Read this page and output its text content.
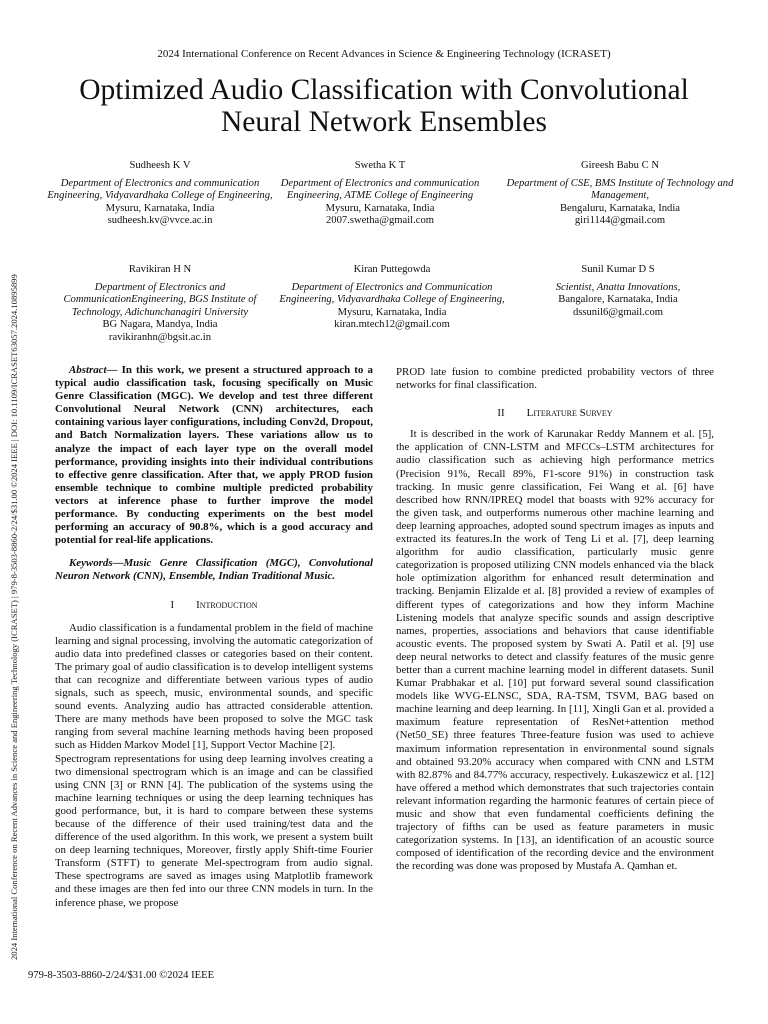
2024 International Conference on Recent Advances in Science & Engineering Technology (ICRASET)
Optimized Audio Classification with Convolutional
Neural Network Ensembles
2024 International Conference on Recent Advances in Science and Engineering Technology (ICRASET) | 979-8-3503-8860-2/24/$31.00 ©2024 IEEE | DOI: 10.1109/ICRASET63057.2024.10895899
Sudheesh K V
Department of Electronics and communication Engineering, Vidyavardhaka College of Engineering,
Mysuru, Karnataka, India
sudheesh.kv@vvce.ac.in
Swetha K T
Department of Electronics and communication Engineering, ATME College of Engineering
Mysuru, Karnataka, India
2007.swetha@gmail.com
Gireesh Babu C N
Department of CSE, BMS Institute of Technology and Management,
Bengaluru, Karnataka, India
giri1144@gmail.com
Ravikiran H N
Department of Electronics and CommunicationEngineering, BGS Institute of Technology, Adichunchanagiri University
BG Nagara, Mandya, India
ravikiranhn@bgsit.ac.in
Kiran Puttegowda
Department of Electronics and Communication Engineering, Vidyavardhaka College of Engineering,
Mysuru, Karnataka, India
kiran.mtech12@gmail.com
Sunil Kumar D S
Scientist, Anatta Innovations,
Bangalore, Karnataka, India
dssunil6@gmail.com

Abstract— In this work, we present a structured approach to a typical audio classification task, focusing specifically on Music Genre Classification (MGC). We develop and test three different Convolutional Neural Network (CNN) architectures, each containing various layer configurations, including Conv2d, Dropout, and Batch Normalization layers. These variations allow us to analyze the impact of each layer type on the overall model performance, providing insights into their individual contributions to effective genre classification. After that, we apply PROD fusion ensemble technique to combine multiple predicted probability vectors at inference phase to further improve the model performance. By conducting experiments on the best model performing an accuracy of 90.8%, which is a good accuracy and potential for real-life applications.

Keywords—Music Genre Classification (MGC), Convolutional Neuron Network (CNN), Ensemble, Indian Traditional Music.

I Introduction

Audio classification is a fundamental problem in the field of machine learning and signal processing, involving the automatic categorization of audio data into predefined classes or categories based on their content. The primary goal of audio classification is to develop intelligent systems that can recognize and differentiate between various types of audio signals, such as speech, music, environmental sounds, and specific sound events. Analyzing audio has attracted considerable attention. There are many methods have been proposed to solve the MGC task ranging from several machine learning methods having been proposed such as Hidden Markov Model [1], Support Vector Machine [2].

Spectrogram representations for using deep learning involves creating a two dimensional spectrogram which is an image and can be classified using CNN [3] or RNN [4]. The publication of the systems using the machine learning techniques or using the deep learning techniques has good performance, but, it is hard to compare between these systems because of the difference of their used training/test data and the difference of the used algorithm. In this work, we present a system built on deep learning techniques, Moreover, firstly apply Shift-time Fourier Transform (STFT) to generate Mel-spectrogram from audio signal. These spectrograms are saved as images using Matplotlib framework and these images are then fed into our three CNN models in turn. In the inference phase, we propose

PROD late fusion to combine predicted probability vectors of three networks for final classification.

II Literature Survey

It is described in the work of Karunakar Reddy Mannem et al. [5], the application of CNN-LSTM and MFCCs–LSTM architectures for audio classification such as achieving high performance metrics (Precision 91%, Recall 89%, F1-score 91%) in construction task tracking. In music genre classification, Fei Wang et al. [6] have described how RNN/IPREQ model that boasts with 92% accuracy for the given task, and outperforms numerous other machine learning and deep learning approaches, adopted sound spectrum images as inputs and extracted its features.In the work of Teng Li et al. [7], deep learning algorithm for audio classification, particularly music genre categorization is proposed utilizing CNN models enhanced via the black hole optimization algorithm for enhanced result determination and tracking. Benjamin Elizalde et al. [8] provided a review of examples of different types of categorizations and how they inform Machine Listening models that analyze specific sounds and assign descriptive names, properties, associations and behaviors that cause identifiable acoustic events. The proposed system by Swati A. Patil et al. [9] use deep neural networks to detect and classify features of the music genre better than a current machine learning model in different datasets. Sunil Kumar Prabhakar et al. [10] put forward several sound classification models like WVG-ELNSC, SDA, RA-TSM, TSVM, BAG based on machine learning and deep learning. In [11], Xingli Gan et al. provided a maximum feature representation of ResNet+attention method (Net50_SE) three features Three-feature fusion was used to achieve maximum information representation in environmental sound signals and obtained 93.20% accuracy when compared with CNN and LSTM with 82.87% and 84.77% accuracy, respectively. Łukaszewicz et al. [12] have offered a method which demonstrates that such trajectories contain relevant information regarding the harmonic features of certain piece of music and show that even fundamental coefficients defining the trajectory of fifths can be used as feature parameters in music categorization systems. In [13], an identification of an acoustic source composed of identification of the recording device and the environment the recording was done was proposed by Mustafa A. Qamhan et.

979-8-3503-8860-2/24/$31.00 ©2024 IEEE
